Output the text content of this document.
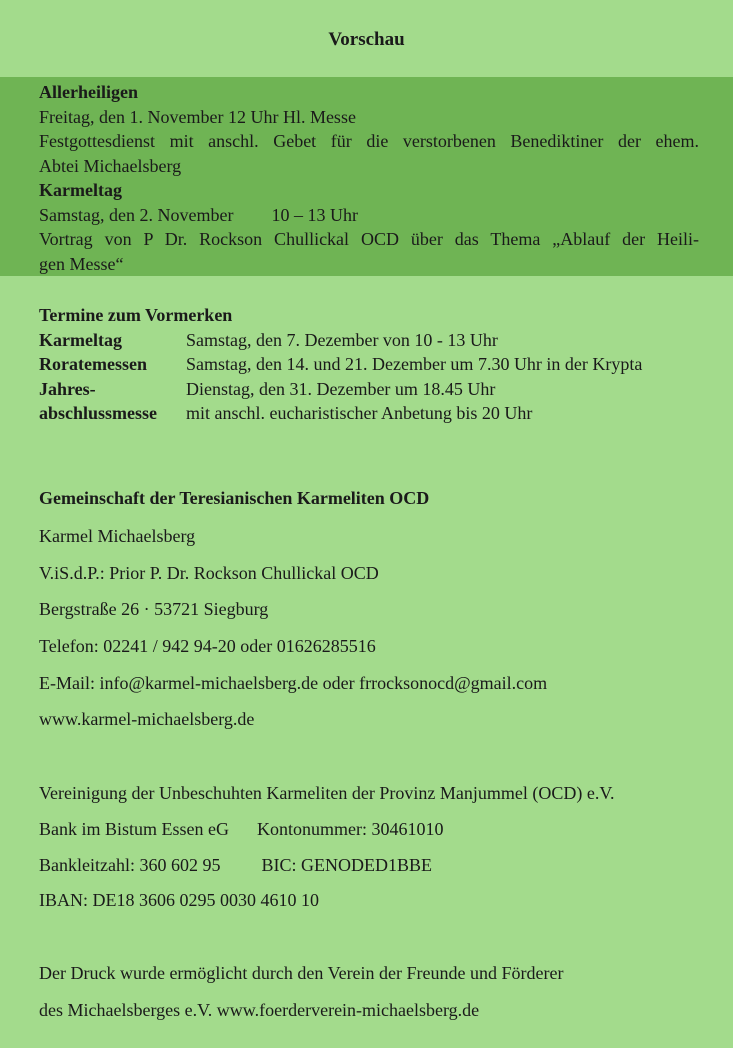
Vorschau
Allerheiligen
Freitag, den 1. November 12 Uhr Hl. Messe
Festgottesdienst mit anschl. Gebet für die verstorbenen Benediktiner der ehem.
Abtei Michaelsberg
Karmeltag
Samstag, den 2. November 10 – 13 Uhr
Vortrag von P Dr. Rockson Chullickal OCD über das Thema „Ablauf der Heili-
gen Messe“
Termine zum Vormerken
Karmeltag	Samstag, den 7. Dezember von 10 - 13 Uhr
Roratemessen	Samstag, den 14. und 21. Dezember um 7.30 Uhr in der Krypta
Jahres-	Dienstag, den 31. Dezember um 18.45 Uhr
abschlussmesse	mit anschl. eucharistischer Anbetung bis 20 Uhr
Gemeinschaft der Teresianischen Karmeliten OCD
Karmel Michaelsberg
V.iS.d.P.: Prior P. Dr. Rockson Chullickal OCD
Bergstraße 26 · 53721 Siegburg
Telefon: 02241 / 942 94-20 oder 01626285516
E-Mail: info@karmel-michaelsberg.de oder frrocksonocd@gmail.com
www.karmel-michaelsberg.de
Vereinigung der Unbeschuhten Karmeliten der Provinz Manjummel (OCD) e.V.
Bank im Bistum Essen eG Kontonummer: 30461010
Bankleitzahl: 360 602 95 BIC: GENODED1BBE
IBAN: DE18 3606 0295 0030 4610 10
Der Druck wurde ermöglicht durch den Verein der Freunde und Förderer
des Michaelsberges e.V. www.foerderverein-michaelsberg.de
